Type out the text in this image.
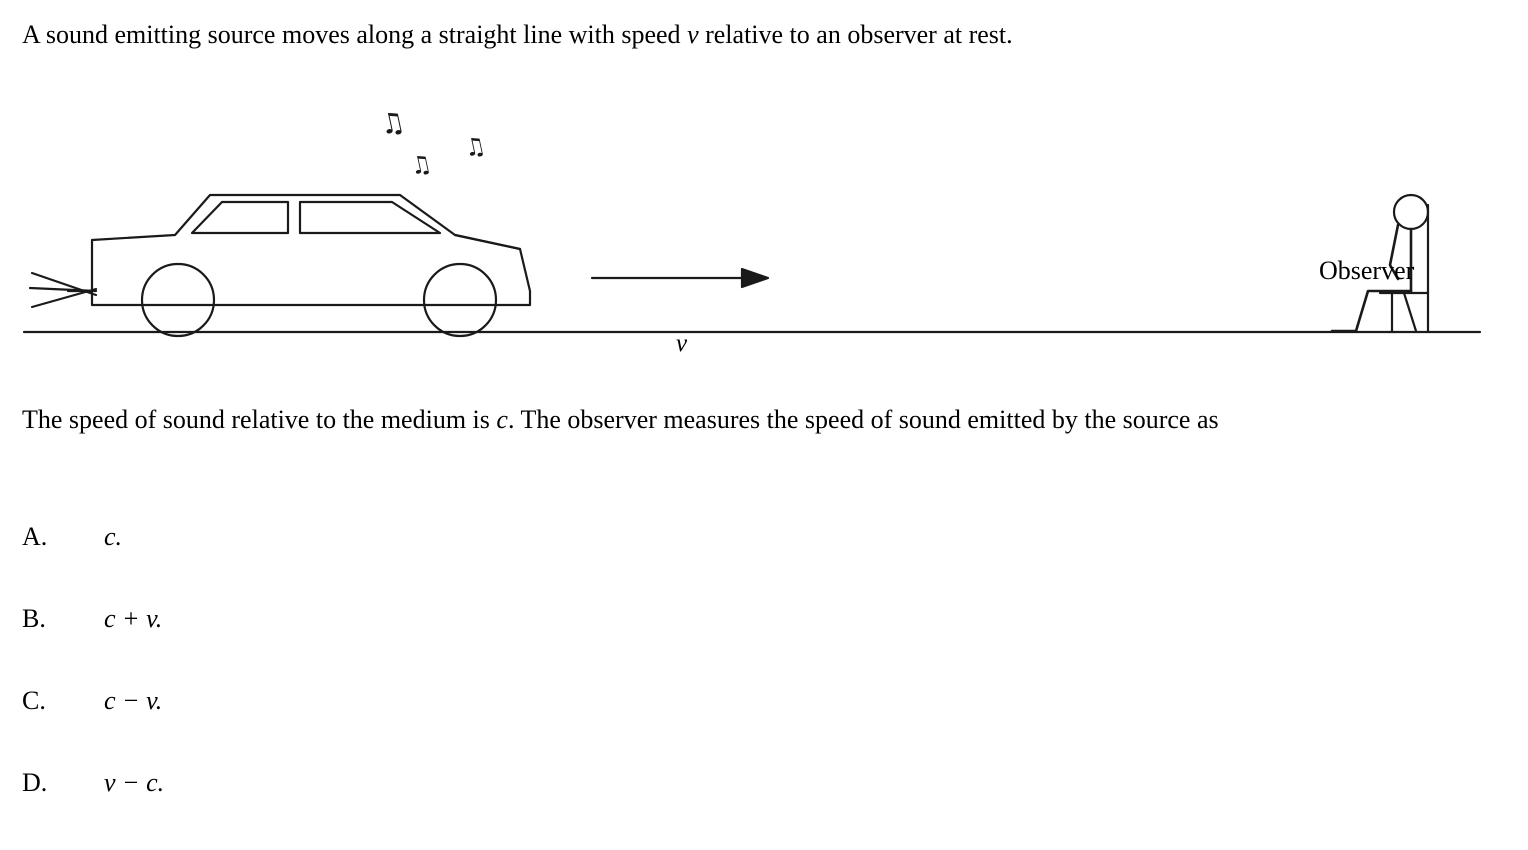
A sound emitting source moves along a straight line with speed v relative to an observer at rest.
♫
♫
♫
Observer
v
The speed of sound relative to the medium is c. The observer measures the speed of sound emitted by the source as
A.	c.
B.	c + v.
C.	c − v.
D.	v − c.
